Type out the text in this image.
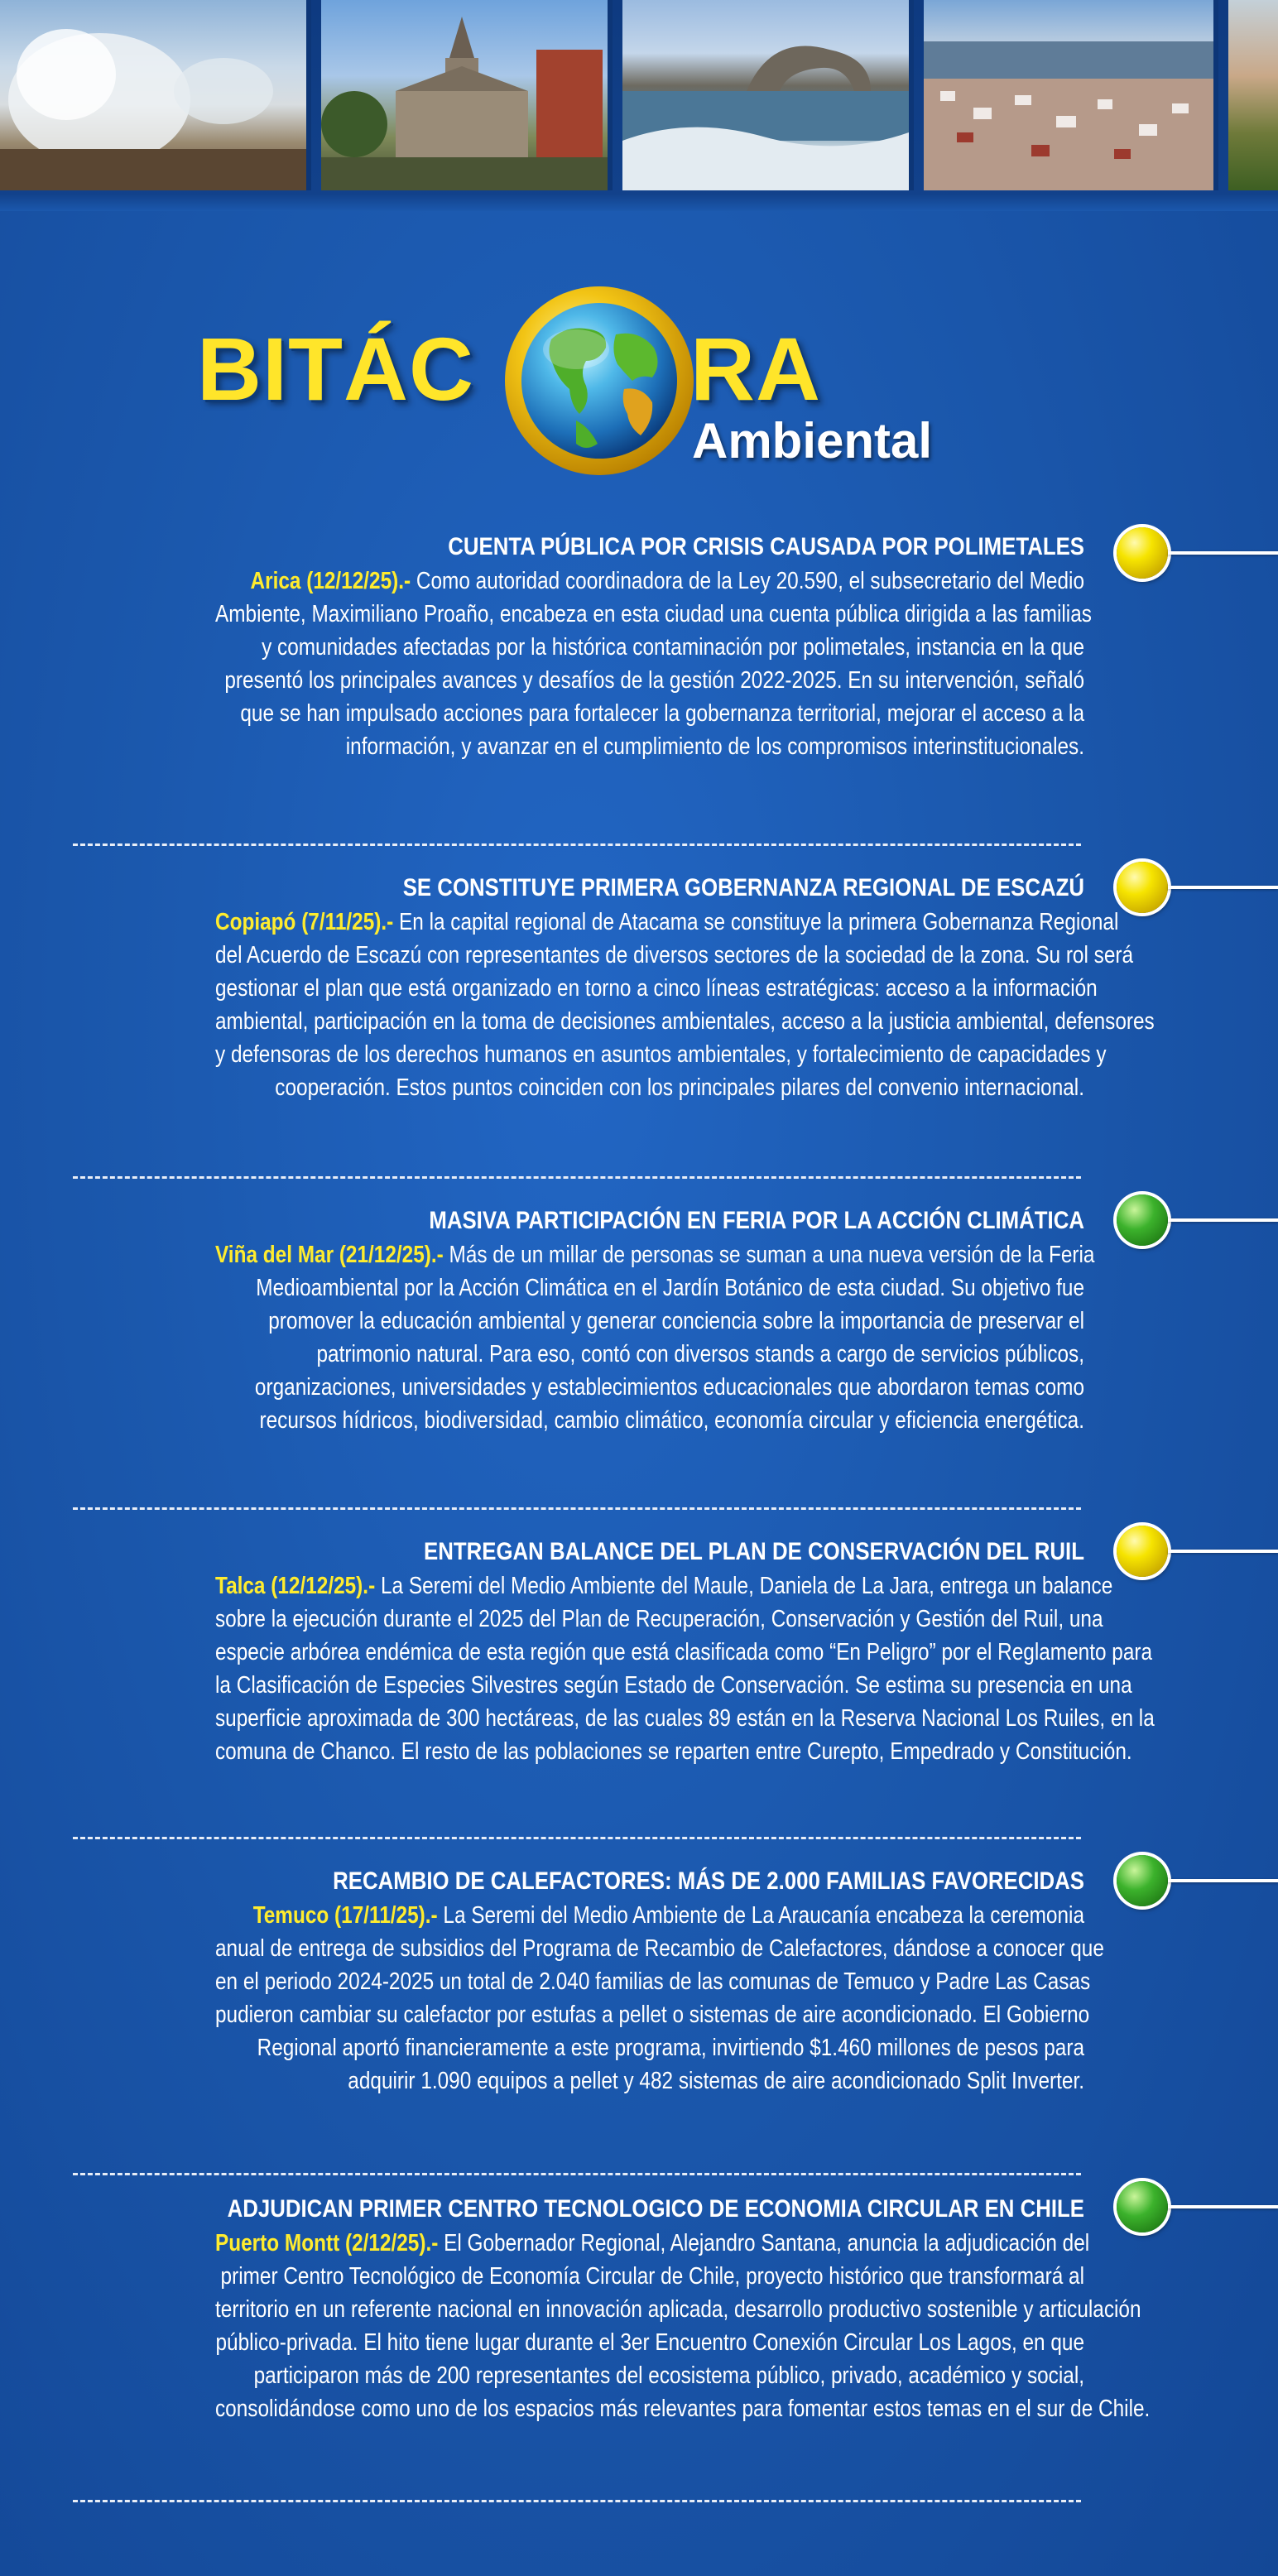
BITÁC RA
Ambiental
CUENTA PÚBLICA POR CRISIS CAUSADA POR POLIMETALES
Arica (12/12/25).- Como autoridad coordinadora de la Ley 20.590, el subsecretario del Medio
Ambiente, Maximiliano Proaño, encabeza en esta ciudad una cuenta pública dirigida a las familias
y comunidades afectadas por la histórica contaminación por polimetales, instancia en la que
presentó los principales avances y desafíos de la gestión 2022-2025. En su intervención, señaló
que se han impulsado acciones para fortalecer la gobernanza territorial, mejorar el acceso a la
información, y avanzar en el cumplimiento de los compromisos interinstitucionales.
SE CONSTITUYE PRIMERA GOBERNANZA REGIONAL DE ESCAZÚ
Copiapó (7/11/25).- En la capital regional de Atacama se constituye la primera Gobernanza Regional
del Acuerdo de Escazú con representantes de diversos sectores de la sociedad de la zona. Su rol será
gestionar el plan que está organizado en torno a cinco líneas estratégicas: acceso a la información
ambiental, participación en la toma de decisiones ambientales, acceso a la justicia ambiental, defensores
y defensoras de los derechos humanos en asuntos ambientales, y fortalecimiento de capacidades y
cooperación. Estos puntos coinciden con los principales pilares del convenio internacional.
MASIVA PARTICIPACIÓN EN FERIA POR LA ACCIÓN CLIMÁTICA
Viña del Mar (21/12/25).- Más de un millar de personas se suman a una nueva versión de la Feria
Medioambiental por la Acción Climática en el Jardín Botánico de esta ciudad. Su objetivo fue
promover la educación ambiental y generar conciencia sobre la importancia de preservar el
patrimonio natural. Para eso, contó con diversos stands a cargo de servicios públicos,
organizaciones, universidades y establecimientos educacionales que abordaron temas como
recursos hídricos, biodiversidad, cambio climático, economía circular y eficiencia energética.
ENTREGAN BALANCE DEL PLAN DE CONSERVACIÓN DEL RUIL
Talca (12/12/25).- La Seremi del Medio Ambiente del Maule, Daniela de La Jara, entrega un balance
sobre la ejecución durante el 2025 del Plan de Recuperación, Conservación y Gestión del Ruil, una
especie arbórea endémica de esta región que está clasificada como “En Peligro” por el Reglamento para
la Clasificación de Especies Silvestres según Estado de Conservación. Se estima su presencia en una
superficie aproximada de 300 hectáreas, de las cuales 89 están en la Reserva Nacional Los Ruiles, en la
comuna de Chanco. El resto de las poblaciones se reparten entre Curepto, Empedrado y Constitución.
RECAMBIO DE CALEFACTORES: MÁS DE 2.000 FAMILIAS FAVORECIDAS
Temuco (17/11/25).- La Seremi del Medio Ambiente de La Araucanía encabeza la ceremonia
anual de entrega de subsidios del Programa de Recambio de Calefactores, dándose a conocer que
en el periodo 2024-2025 un total de 2.040 familias de las comunas de Temuco y Padre Las Casas
pudieron cambiar su calefactor por estufas a pellet o sistemas de aire acondicionado. El Gobierno
Regional aportó financieramente a este programa, invirtiendo $1.460 millones de pesos para
adquirir 1.090 equipos a pellet y 482 sistemas de aire acondicionado Split Inverter.
ADJUDICAN PRIMER CENTRO TECNOLOGICO DE ECONOMIA CIRCULAR EN CHILE
Puerto Montt (2/12/25).- El Gobernador Regional, Alejandro Santana, anuncia la adjudicación del
primer Centro Tecnológico de Economía Circular de Chile, proyecto histórico que transformará al
territorio en un referente nacional en innovación aplicada, desarrollo productivo sostenible y articulación
público-privada. El hito tiene lugar durante el 3er Encuentro Conexión Circular Los Lagos, en que
participaron más de 200 representantes del ecosistema público, privado, académico y social,
consolidándose como uno de los espacios más relevantes para fomentar estos temas en el sur de Chile.
